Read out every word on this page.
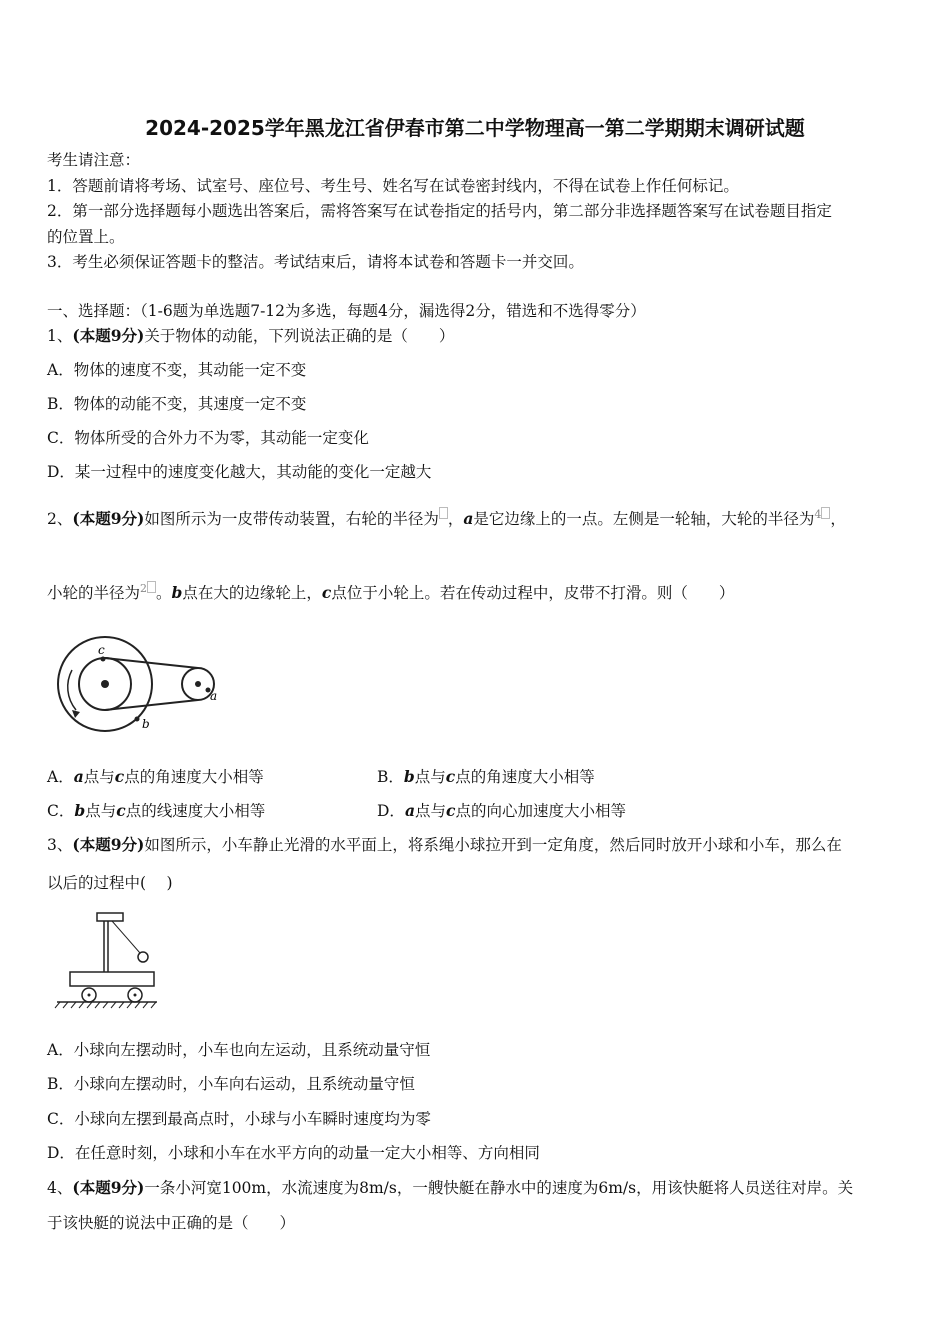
2024-2025学年黑龙江省伊春市第二中学物理高一第二学期期末调研试题
考生请注意：
1．答题前请将考场、试室号、座位号、考生号、姓名写在试卷密封线内，不得在试卷上作任何标记。
2．第一部分选择题每小题选出答案后，需将答案写在试卷指定的括号内，第二部分非选择题答案写在试卷题目指定
的位置上。
3．考生必须保证答题卡的整洁。考试结束后，请将本试卷和答题卡一并交回。
一、选择题：（1-6题为单选题7-12为多选，每题4分，漏选得2分，错选和不选得零分）
1、(本题9分)关于物体的动能，下列说法正确的是（　　）
A．物体的速度不变，其动能一定不变
B．物体的动能不变，其速度一定不变
C．物体所受的合外力不为零，其动能一定变化
D．某一过程中的速度变化越大，其动能的变化一定越大
2、(本题9分)如图所示为一皮带传动装置，右轮的半径为 ，a是它边缘上的一点。左侧是一轮轴，大轮的半径为$^4$ ，
小轮的半径为$^2$ 。b点在大的边缘轮上，c点位于小轮上。若在传动过程中，皮带不打滑。则（　　）
c
b
a
A．a点与c点的角速度大小相等	B．b点与c点的角速度大小相等
C．b点与c点的线速度大小相等	D．a点与c点的向心加速度大小相等
3、(本题9分)如图所示，小车静止光滑的水平面上，将系绳小球拉开到一定角度，然后同时放开小球和小车，那么在
以后的过程中(　 )
A．小球向左摆动时，小车也向左运动，且系统动量守恒
B．小球向左摆动时，小车向右运动，且系统动量守恒
C．小球向左摆到最高点时，小球与小车瞬时速度均为零
D．在任意时刻，小球和小车在水平方向的动量一定大小相等、方向相同
4、(本题9分)一条小河宽100m，水流速度为8m/s，一艘快艇在静水中的速度为6m/s，用该快艇将人员送往对岸。关
于该快艇的说法中正确的是（　　）
